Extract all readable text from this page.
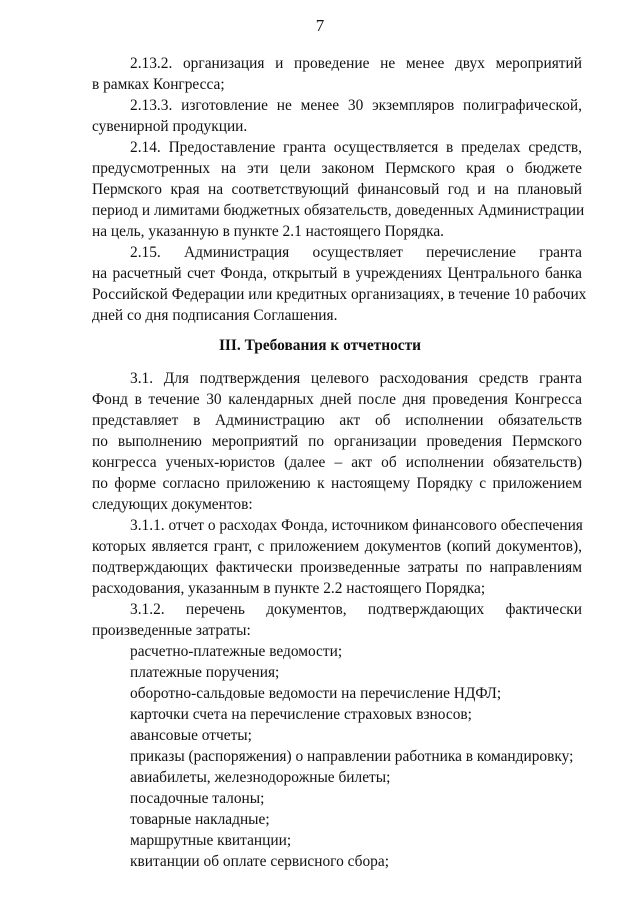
7
2.13.2. организация и проведение не менее двух мероприятий
в рамках Конгресса;
2.13.3. изготовление не менее 30 экземпляров полиграфической,
сувенирной продукции.
2.14. Предоставление гранта осуществляется в пределах средств,
предусмотренных на эти цели законом Пермского края о бюджете
Пермского края на соответствующий финансовый год и на плановый
период и лимитами бюджетных обязательств, доведенных Администрации
на цель, указанную в пункте 2.1 настоящего Порядка.
2.15. Администрация осуществляет перечисление гранта
на расчетный счет Фонда, открытый в учреждениях Центрального банка
Российской Федерации или кредитных организациях, в течение 10 рабочих
дней со дня подписания Соглашения.
III. Требования к отчетности
3.1. Для подтверждения целевого расходования средств гранта
Фонд в течение 30 календарных дней после дня проведения Конгресса
представляет в Администрацию акт об исполнении обязательств
по выполнению мероприятий по организации проведения Пермского
конгресса ученых-юристов (далее – акт об исполнении обязательств)
по форме согласно приложению к настоящему Порядку с приложением
следующих документов:
3.1.1. отчет о расходах Фонда, источником финансового обеспечения
которых является грант, с приложением документов (копий документов),
подтверждающих фактически произведенные затраты по направлениям
расходования, указанным в пункте 2.2 настоящего Порядка;
3.1.2. перечень документов, подтверждающих фактически
произведенные затраты:
расчетно-платежные ведомости;
платежные поручения;
оборотно-сальдовые ведомости на перечисление НДФЛ;
карточки счета на перечисление страховых взносов;
авансовые отчеты;
приказы (распоряжения) о направлении работника в командировку;
авиабилеты, железнодорожные билеты;
посадочные талоны;
товарные накладные;
маршрутные квитанции;
квитанции об оплате сервисного сбора;
